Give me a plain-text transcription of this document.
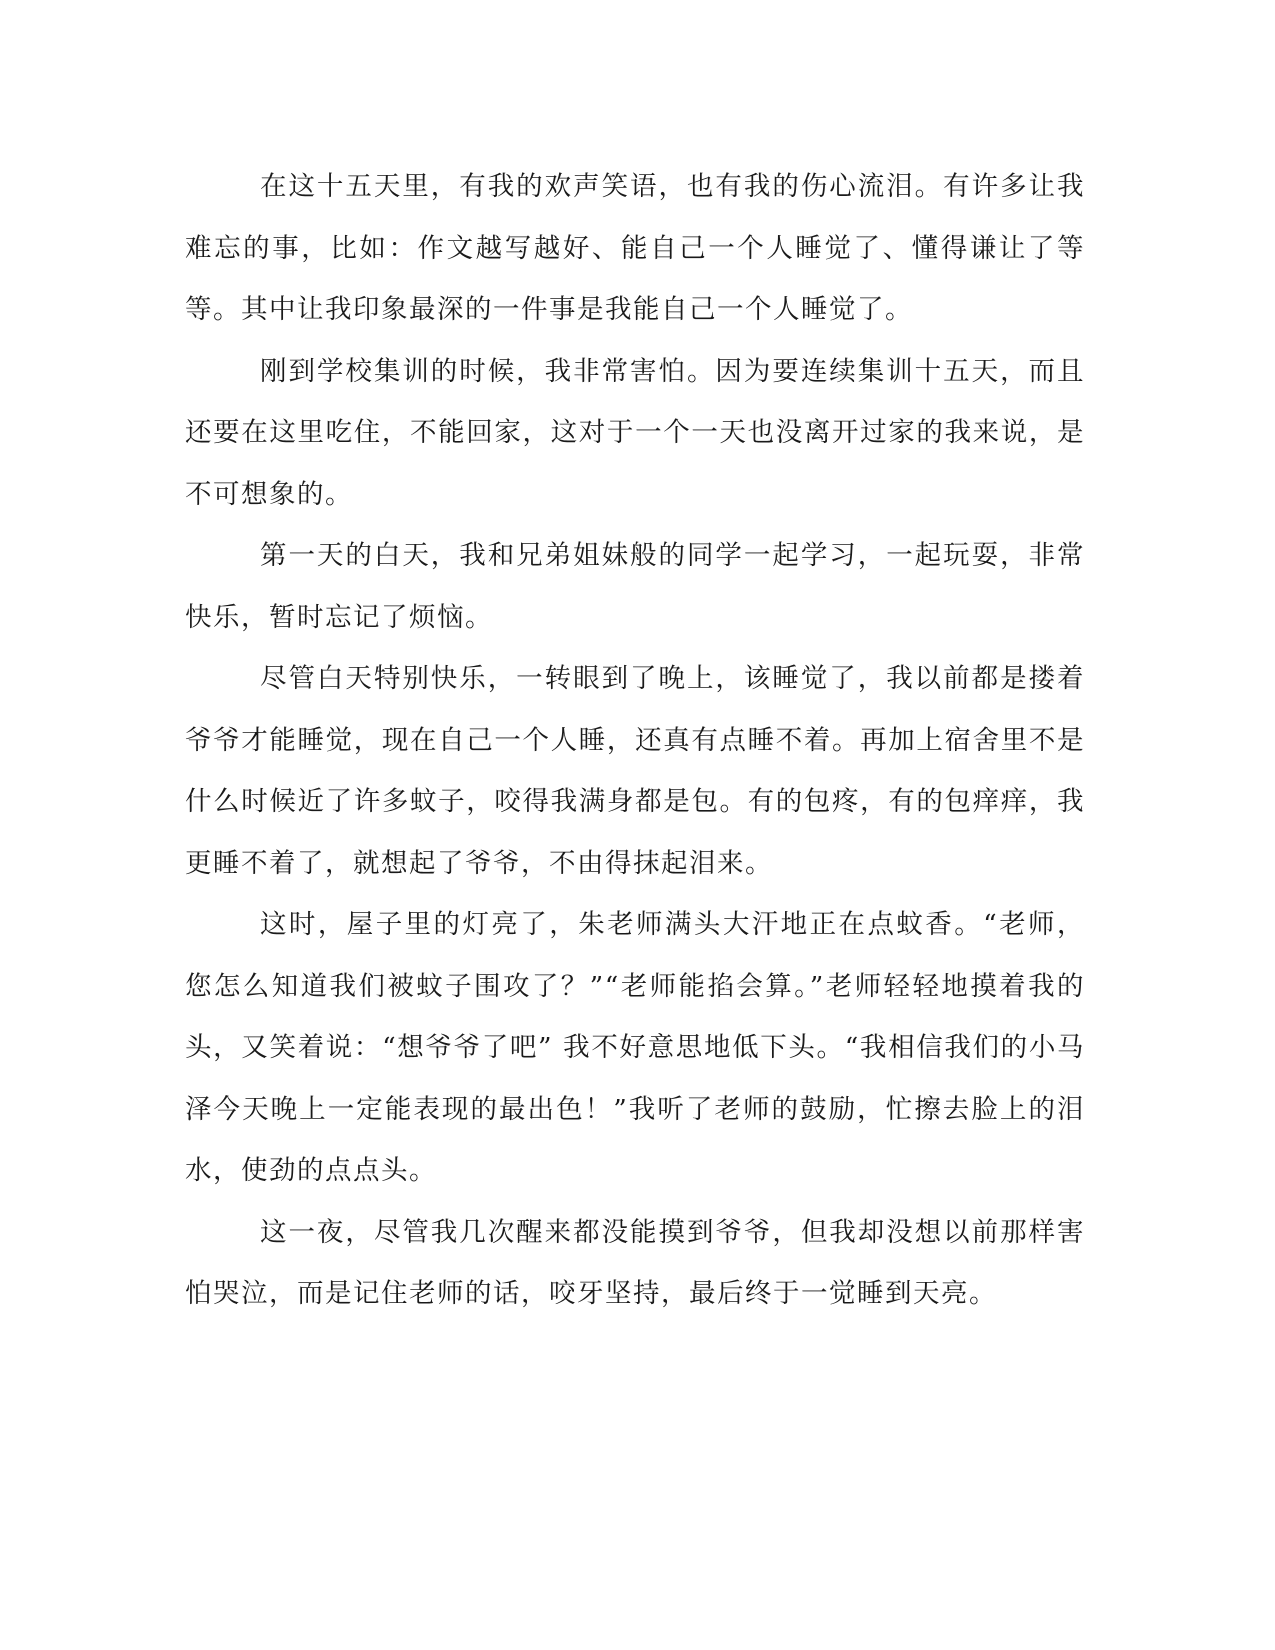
在这十五天里，有我的欢声笑语，也有我的伤心流泪。有许多让我难忘的事，比如：作文越写越好、能自己一个人睡觉了、懂得谦让了等等。其中让我印象最深的一件事是我能自己一个人睡觉了。

刚到学校集训的时候，我非常害怕。因为要连续集训十五天，而且还要在这里吃住，不能回家，这对于一个一天也没离开过家的我来说，是不可想象的。

第一天的白天，我和兄弟姐妹般的同学一起学习，一起玩耍，非常快乐，暂时忘记了烦恼。

尽管白天特别快乐，一转眼到了晚上，该睡觉了，我以前都是搂着爷爷才能睡觉，现在自己一个人睡，还真有点睡不着。再加上宿舍里不是什么时候近了许多蚊子，咬得我满身都是包。有的包疼，有的包痒痒，我更睡不着了，就想起了爷爷，不由得抹起泪来。

这时，屋子里的灯亮了，朱老师满头大汗地正在点蚊香。“老师，您怎么知道我们被蚊子围攻了？”“老师能掐会算。”老师轻轻地摸着我的头，又笑着说：“想爷爷了吧” 我不好意思地低下头。“我相信我们的小马泽今天晚上一定能表现的最出色！”我听了老师的鼓励，忙擦去脸上的泪水，使劲的点点头。

这一夜，尽管我几次醒来都没能摸到爷爷，但我却没想以前那样害怕哭泣，而是记住老师的话，咬牙坚持，最后终于一觉睡到天亮。
